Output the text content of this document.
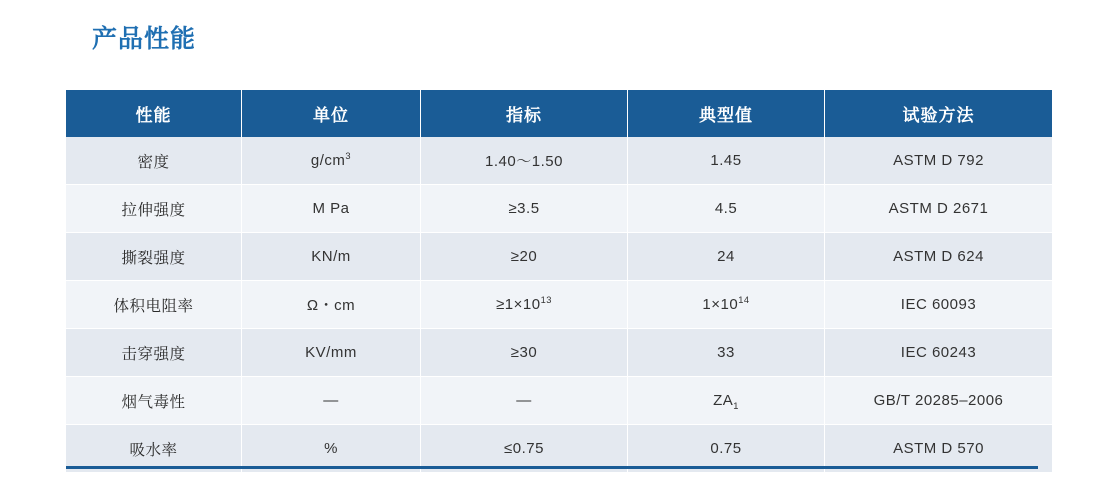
产品性能
性能	单位	指标	典型值	试验方法
密度	$g/cm^3$	1.40～1.50	1.45	ASTM D 792
拉伸强度	M Pa	≥3.5	4.5	ASTM D 2671
撕裂强度	KN/m	≥20	24	ASTM D 624
体积电阻率	Ω・cm	$\ge 1\times 10^{13}$	$1\times 10^{14}$	IEC 60093
击穿强度	KV/mm	≥30	33	IEC 60243
烟气毒性	—	—	$ZA_1$	GB/T 20285–2006
吸水率	%	≤0.75	0.75	ASTM D 570
